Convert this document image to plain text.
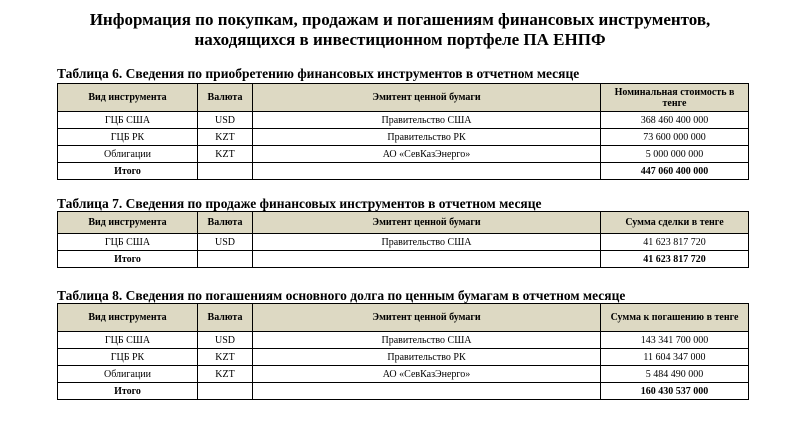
Информация по покупкам, продажам и погашениям финансовых инструментов,
находящихся в инвестиционном портфеле ПА ЕНПФ
Таблица 6. Сведения по приобретению финансовых инструментов в отчетном месяце
Вид инструмента	Валюта	Эмитент ценной бумаги	Номинальная стоимость в тенге
ГЦБ США	USD	Правительство США	368 460 400 000
ГЦБ РК	KZT	Правительство РК	73 600 000 000
Облигации	KZT	АО «СевКазЭнерго»	5 000 000 000
Итого			447 060 400 000
Таблица 7. Сведения по продаже финансовых инструментов в отчетном месяце
Вид инструмента	Валюта	Эмитент ценной бумаги	Сумма сделки в тенге
ГЦБ США	USD	Правительство США	41 623 817 720
Итого			41 623 817 720
Таблица 8. Сведения по погашениям основного долга по ценным бумагам в отчетном месяце
Вид инструмента	Валюта	Эмитент ценной бумаги	Сумма к погашению в тенге
ГЦБ США	USD	Правительство США	143 341 700 000
ГЦБ РК	KZT	Правительство РК	11 604 347 000
Облигации	KZT	АО «СевКазЭнерго»	5 484 490 000
Итого			160 430 537 000
